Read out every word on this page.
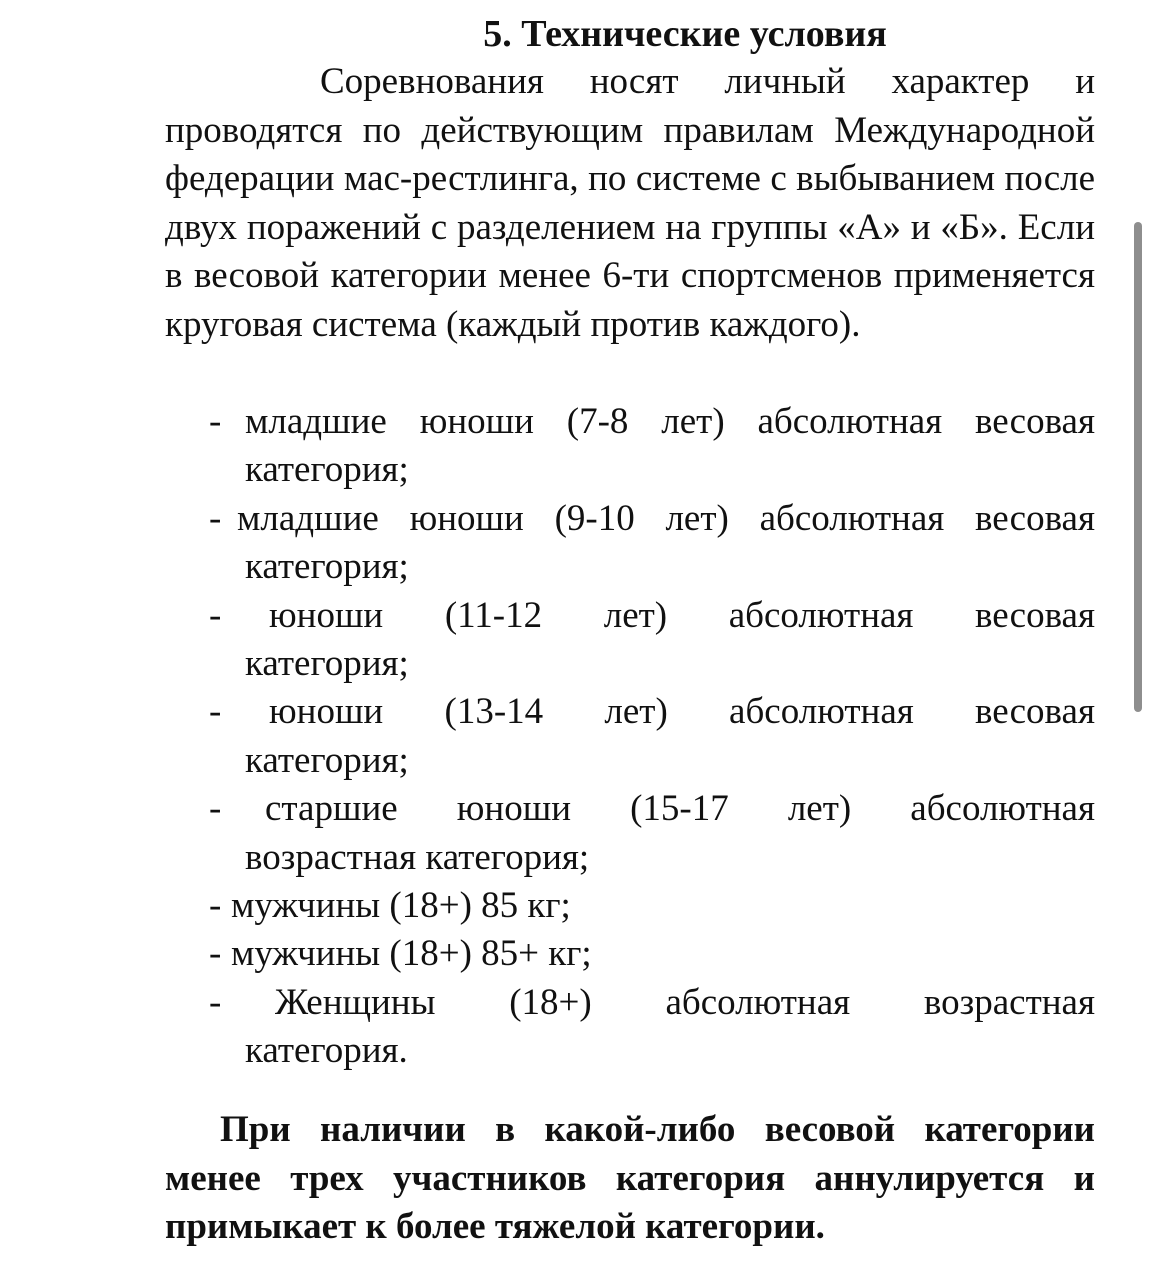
5. Технические условия

Соревнования носят личный характер и проводятся по действующим правилам Международной федерации мас-рестлинга, по системе с выбыванием после двух поражений с разделением на группы «А» и «Б». Если в весовой категории менее 6-ти спортсменов применяется круговая система (каждый против каждого).

- младшие юноши (7-8 лет) абсолютная весовая
категория;
- младшие юноши (9-10 лет) абсолютная весовая
категория;
- юноши (11-12 лет) абсолютная весовая
категория;
- юноши (13-14 лет) абсолютная весовая
категория;
- старшие юноши (15-17 лет) абсолютная
возрастная категория;
- мужчины (18+) 85 кг;
- мужчины (18+) 85+ кг;
- Женщины (18+) абсолютная возрастная
категория.

При наличии в какой-либо весовой категории менее трех участников категория аннулируется и примыкает к более тяжелой категории.
